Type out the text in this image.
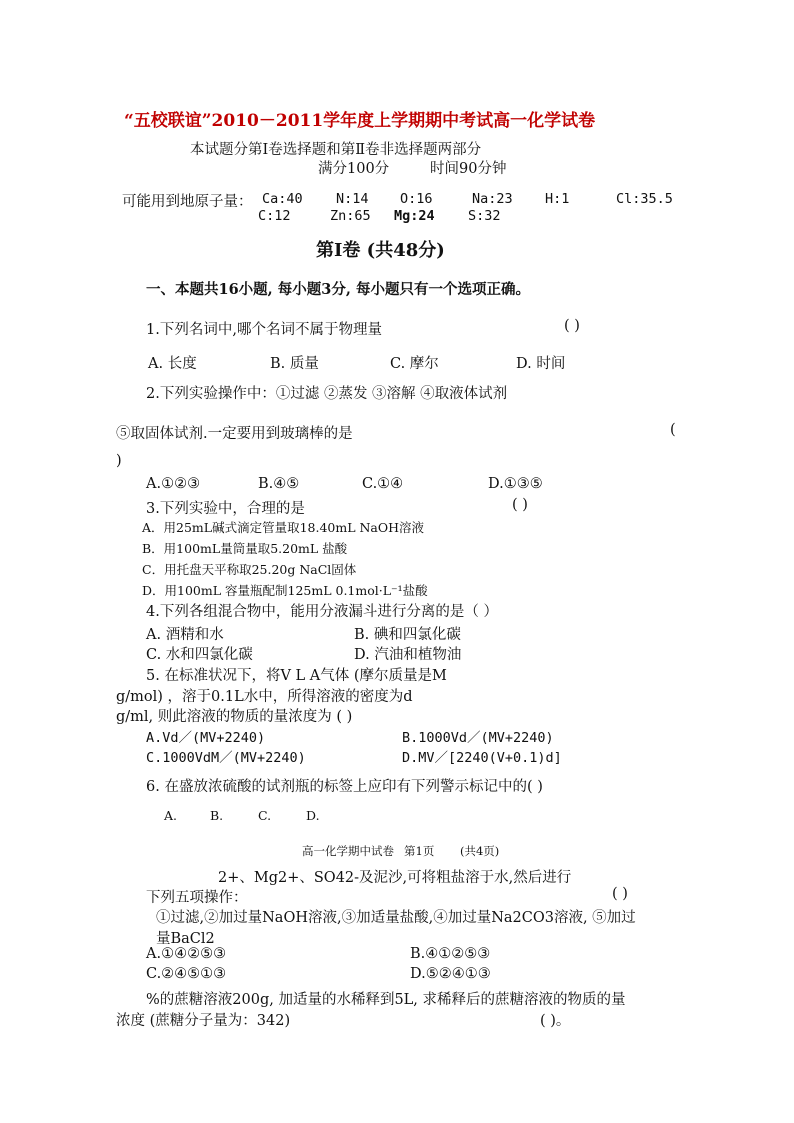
“五校联谊”2010－2011学年度上学期期中考试高一化学试卷
本试题分第Ⅰ卷选择题和第Ⅱ卷非选择题两部分
满分100分	时间90分钟
可能用到地原子量： Ca:40 N:14 O:16	Na:23 H:1	Cl:35.5
C:12	Zn:65 Mg:24 S:32
第Ⅰ卷 (共48分)
一、本题共16小题, 每小题3分, 每小题只有一个选项正确。
1.下列名词中,哪个名词不属于物理量	( )
A. 长度	B. 质量	C. 摩尔	D. 时间
2.下列实验操作中：①过滤 ②蒸发 ③溶解 ④取液体试剂
⑤取固体试剂.一定要用到玻璃棒的是	(
)
A.①②③	B.④⑤	C.①④	D.①③⑤
3.下列实验中，合理的是	( )
A．用25mL碱式滴定管量取18.40mL NaOH溶液
B．用100mL量筒量取5.20mL 盐酸
C．用托盘天平称取25.20g NaCl固体
D．用100mL 容量瓶配制125mL 0.1mol·L⁻¹盐酸
4.下列各组混合物中，能用分液漏斗进行分离的是（ ）
A. 酒精和水	B. 碘和四氯化碳
C. 水和四氯化碳	D. 汽油和植物油
5. 在标准状况下，将V L A气体 (摩尔质量是M
g/mol) ，溶于0.1L水中，所得溶液的密度为d
g/ml, 则此溶液的物质的量浓度为 ( )
A.Vd／(MV+2240)	B.1000Vd／(MV+2240)
C.1000VdM／(MV+2240)	D.MV／[2240(V+0.1)d]
6. 在盛放浓硫酸的试剂瓶的标签上应印有下列警示标记中的( )
A.	B.	C.	D.
高一化学期中试卷 第1页 (共4页)
2+、Mg2+、SO42-及泥沙,可将粗盐溶于水,然后进行
下列五项操作：	( )
①过滤,②加过量NaOH溶液,③加适量盐酸,④加过量Na2CO3溶液, ⑤加过
量BaCl2
A.①④②⑤③	B.④①②⑤③
C.②④⑤①③	D.⑤②④①③
%的蔗糖溶液200g, 加适量的水稀释到5L, 求稀释后的蔗糖溶液的物质的量
浓度 (蔗糖分子量为：342)	( )。
